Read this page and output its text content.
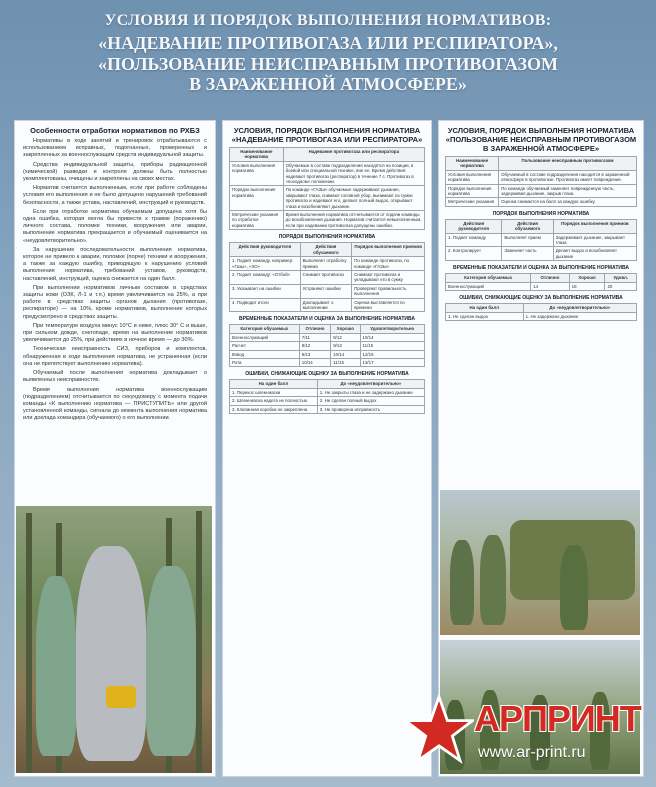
УСЛОВИЯ И ПОРЯДОК ВЫПОЛНЕНИЯ НОРМАТИВОВ:
«НАДЕВАНИЕ ПРОТИВОГАЗА ИЛИ РЕСПИРАТОРА»,
«ПОЛЬЗОВАНИЕ НЕИСПРАВНЫМ ПРОТИВОГАЗОМ
В ЗАРАЖЕННОЙ АТМОСФЕРЕ»
Особенности отработки нормативов по РХБЗ

Нормативы в ходе занятий и тренировок отрабатываются с использованием исправных, подогнанных, проверенных и закрепленных за военнослужащим средств индивидуальной защиты.

Средства индивидуальной защиты, приборы радиационной (химической) разведки и контроля должны быть полностью укомплектованы, очищены и закреплены на своих местах.

Норматив считается выполненным, если при работе соблюдены условия его выполнения и не было допущено нарушений требований безопасности, а также устава, наставлений, инструкций и руководств.

Если при отработке норматива обучаемым допущена хотя бы одна ошибка, которая могла бы привести к травме (поражению) личного состава, поломке техники, вооружения или аварии, выполнение норматива прекращается и обучаемый оценивается на «неудовлетворительно».

За нарушение последовательности выполнения норматива, которое не привело к аварии, поломке (порче) техники и вооружения, а также за каждую ошибку, приводящую к нарушению условий выполнения норматива, требований уставов, руководств, наставлений, инструкций, оценка снижается на один балл.

При выполнении нормативов личным составом в средствах защиты кожи (ОЗК, Л-1 и т.п.) время увеличивается на 25%, а при работе в средствах защиты органов дыхания (противогазе, респираторе) — на 10%, кроме нормативов, выполнение которых предусмотрено в средствах защиты.

При температуре воздуха минус 10°С и ниже, плюс 30° С и выше, при сильном дожде, снегопаде, время на выполнение нормативов увеличивается до 25%, при действиях в ночное время — до 30%.

Техническая неисправность СИЗ, приборов и комплектов, обнаруженная в ходе выполнения норматива, не устраненная (если она не препятствует выполнению норматива).

Обучаемый после выполнения норматива докладывает о выявленных неисправностях.

Время выполнения норматива военнослужащим (подразделением) отсчитывается по секундомеру с момента подачи команды «К выполнению норматива — ПРИСТУПИТЬ» или другой установленной команды, сигнала до момента выполнения норматива или доклада командира (обучаемого) о его выполнении.

УСЛОВИЯ, ПОРЯДОК ВЫПОЛНЕНИЯ НОРМАТИВА «НАДЕВАНИЕ ПРОТИВОГАЗА ИЛИ РЕСПИРАТОРА»
Наименование норматива	Надевание противогаза или респиратора
Условия выполнения норматива	Обучаемые в составе подразделения находятся на позиции, в боевой или специальной технике, вне ее. Время действия: надевают противогаз (респиратор) в течение 7 с. Противогаз в «походном» положении.
Порядок выполнения норматива	По команде «ГАЗЫ» обучаемые задерживают дыхание, закрывают глаза, снимают головной убор, вынимают из сумки противогаз и надевают его, делают полный выдох, открывают глаза и возобновляют дыхание.
Метрические указания по отработке норматива	Время выполнения норматива отсчитывается от подачи команды до возобновления дыхания. Норматив считается невыполненным, если при надевании противогаза допущены ошибки.
ПОРЯДОК ВЫПОЛНЕНИЯ НОРМАТИВА
Действия руководителя	Действия обучаемого	Порядок выполнения приемов
1. Подает команду, например: «Газы», «ХО»	Выполняет отработку приема	По команде противогаз, по команде «ГАЗЫ»
2. Подает команду: «Отбой»	Снимает противогаз	Снимают противогаз и укладывают его в сумку
3. Указывает на ошибки	Устраняют ошибки	Проверяют правильность выполнения
4. Подводит итоги	Докладывает о выполнении	Оценка выставляется по времени
ВРЕМЕННЫЕ ПОКАЗАТЕЛИ И ОЦЕНКА ЗА ВЫПОЛНЕНИЕ НОРМАТИВА
Категория обучаемых	Отлично	Хорошо	Удовлетворительно
Военнослужащий	7/11	8/12	10/14
Расчет	8/12	9/13	11/15
Взвод	9/13	10/14	12/16
Рота	10/14	11/15	13/17
ОШИБКИ, СНИЖАЮЩИЕ ОЦЕНКУ ЗА ВЫПОЛНЕНИЕ НОРМАТИВА
На один балл	До «неудовлетворительно»
1. Перекос шлем-маски	1. Не закрыты глаза и не задержано дыхание
2. Шлем-маска надета не полностью	2. Не сделан полный выдох
3. Клапанная коробка не закреплена	3. Не проверена исправность
УСЛОВИЯ, ПОРЯДОК ВЫПОЛНЕНИЯ НОРМАТИВА «ПОЛЬЗОВАНИЕ НЕИСПРАВНЫМ ПРОТИВОГАЗОМ В ЗАРАЖЕННОЙ АТМОСФЕРЕ»
Наименование норматива	Пользование неисправным противогазом
Условия выполнения норматива	Обучаемый в составе подразделения находится в зараженной атмосфере в противогазе. Противогаз имеет повреждение.
Порядок выполнения норматива	По команде обучаемый заменяет поврежденную часть, задерживая дыхание, закрыв глаза.
Метрические указания	Оценка снижается на балл за каждую ошибку.
ПОРЯДОК ВЫПОЛНЕНИЯ НОРМАТИВА
Действия руководителя	Действия обучаемого	Порядок выполнения приемов
1. Подает команду	Выполняет прием	Задерживает дыхание, закрывает глаза
2. Контролирует	Заменяет часть	Делает выдох и возобновляет дыхание
ВРЕМЕННЫЕ ПОКАЗАТЕЛИ И ОЦЕНКА ЗА ВЫПОЛНЕНИЕ НОРМАТИВА
Категория обучаемых	Отлично	Хорошо	Удовл.
Военнослужащий	14	18	20
ОШИБКИ, СНИЖАЮЩИЕ ОЦЕНКУ ЗА ВЫПОЛНЕНИЕ НОРМАТИВА
На один балл	До «неудовлетворительно»
1. Не сделан выдох	1. Не задержано дыхание
АРПРИНТ
www.ar-print.ru
